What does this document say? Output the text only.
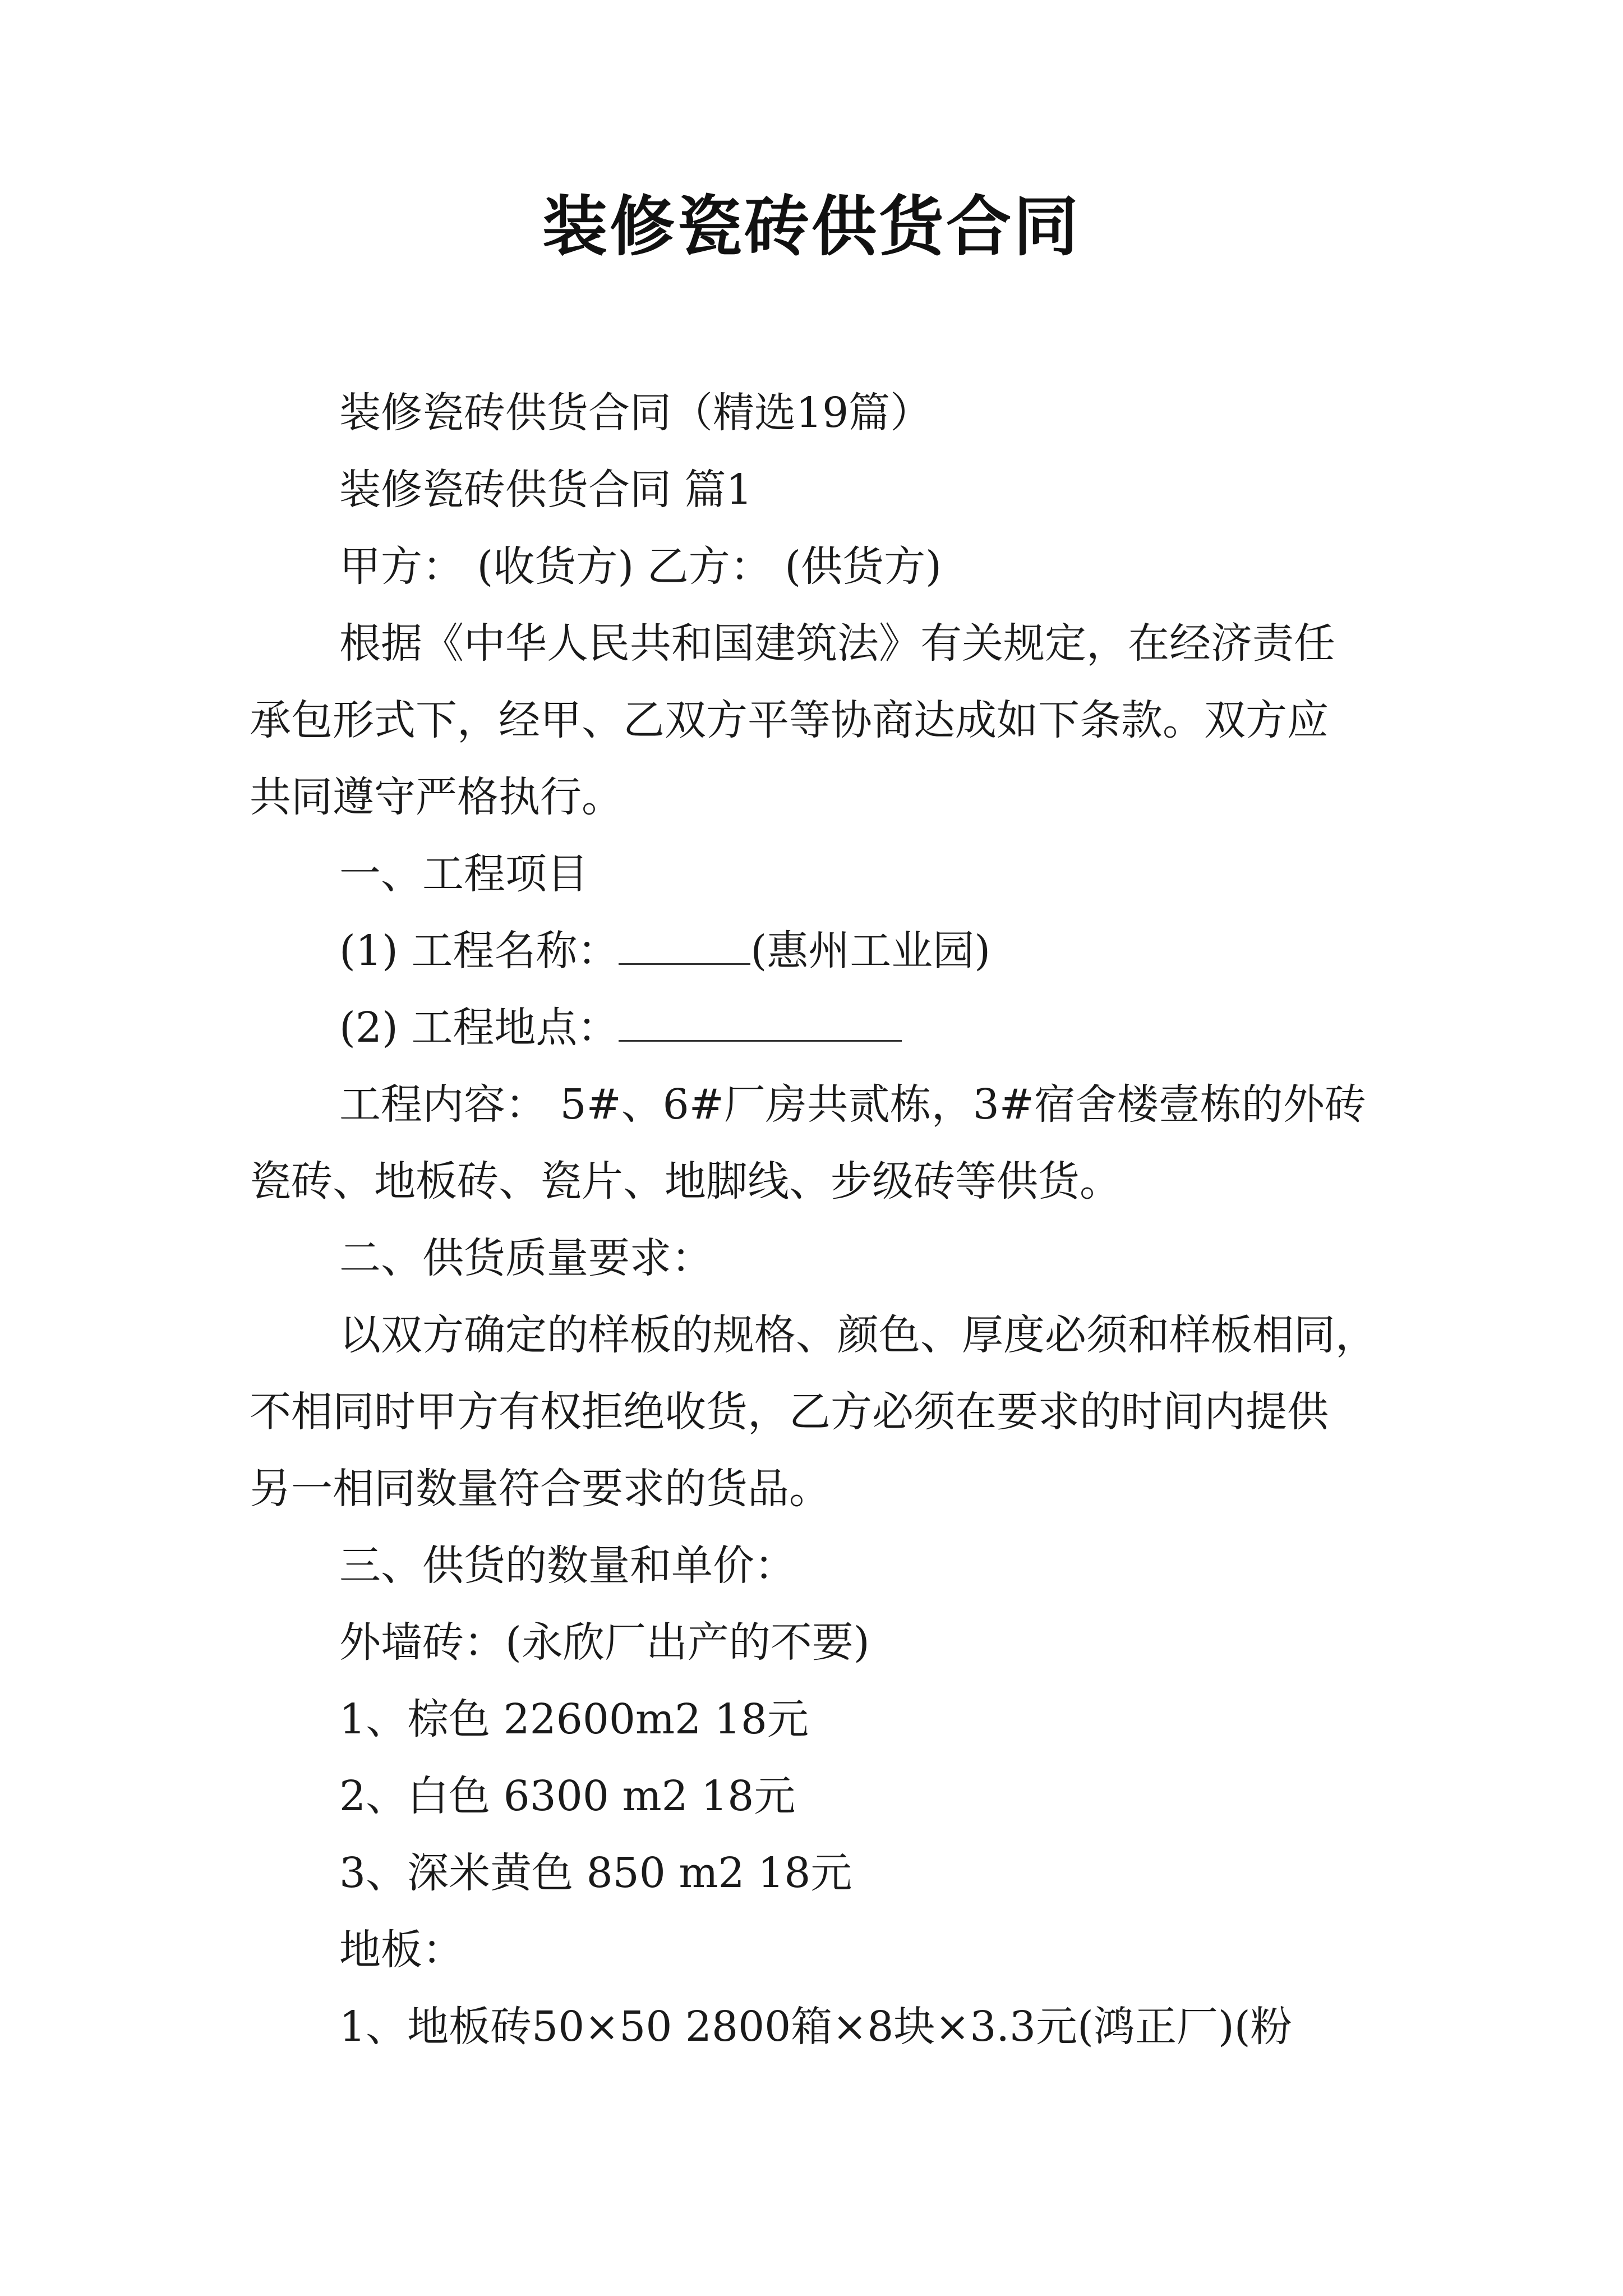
装修瓷砖供货合同
装修瓷砖供货合同（精选19篇）
装修瓷砖供货合同 篇1
甲方： (收货方) 乙方： (供货方)
根据《中华人民共和国建筑法》有关规定，在经济责任
承包形式下，经甲、乙双方平等协商达成如下条款。双方应
共同遵守严格执行。
一、工程项目
(1) 工程名称：	(惠州工业园)
(2) 工程地点：
工程内容： 5#、6#厂房共贰栋，3#宿舍楼壹栋的外砖
瓷砖、地板砖、瓷片、地脚线、步级砖等供货。
二、供货质量要求：
以双方确定的样板的规格、颜色、厚度必须和样板相同，
不相同时甲方有权拒绝收货，乙方必须在要求的时间内提供
另一相同数量符合要求的货品。
三、供货的数量和单价：
外墙砖：(永欣厂出产的不要)
1、棕色 22600m2 18元
2、白色 6300 m2 18元
3、深米黄色 850 m2 18元
地板：
1、地板砖50×50 2800箱×8块×3.3元(鸿正厂)(粉
